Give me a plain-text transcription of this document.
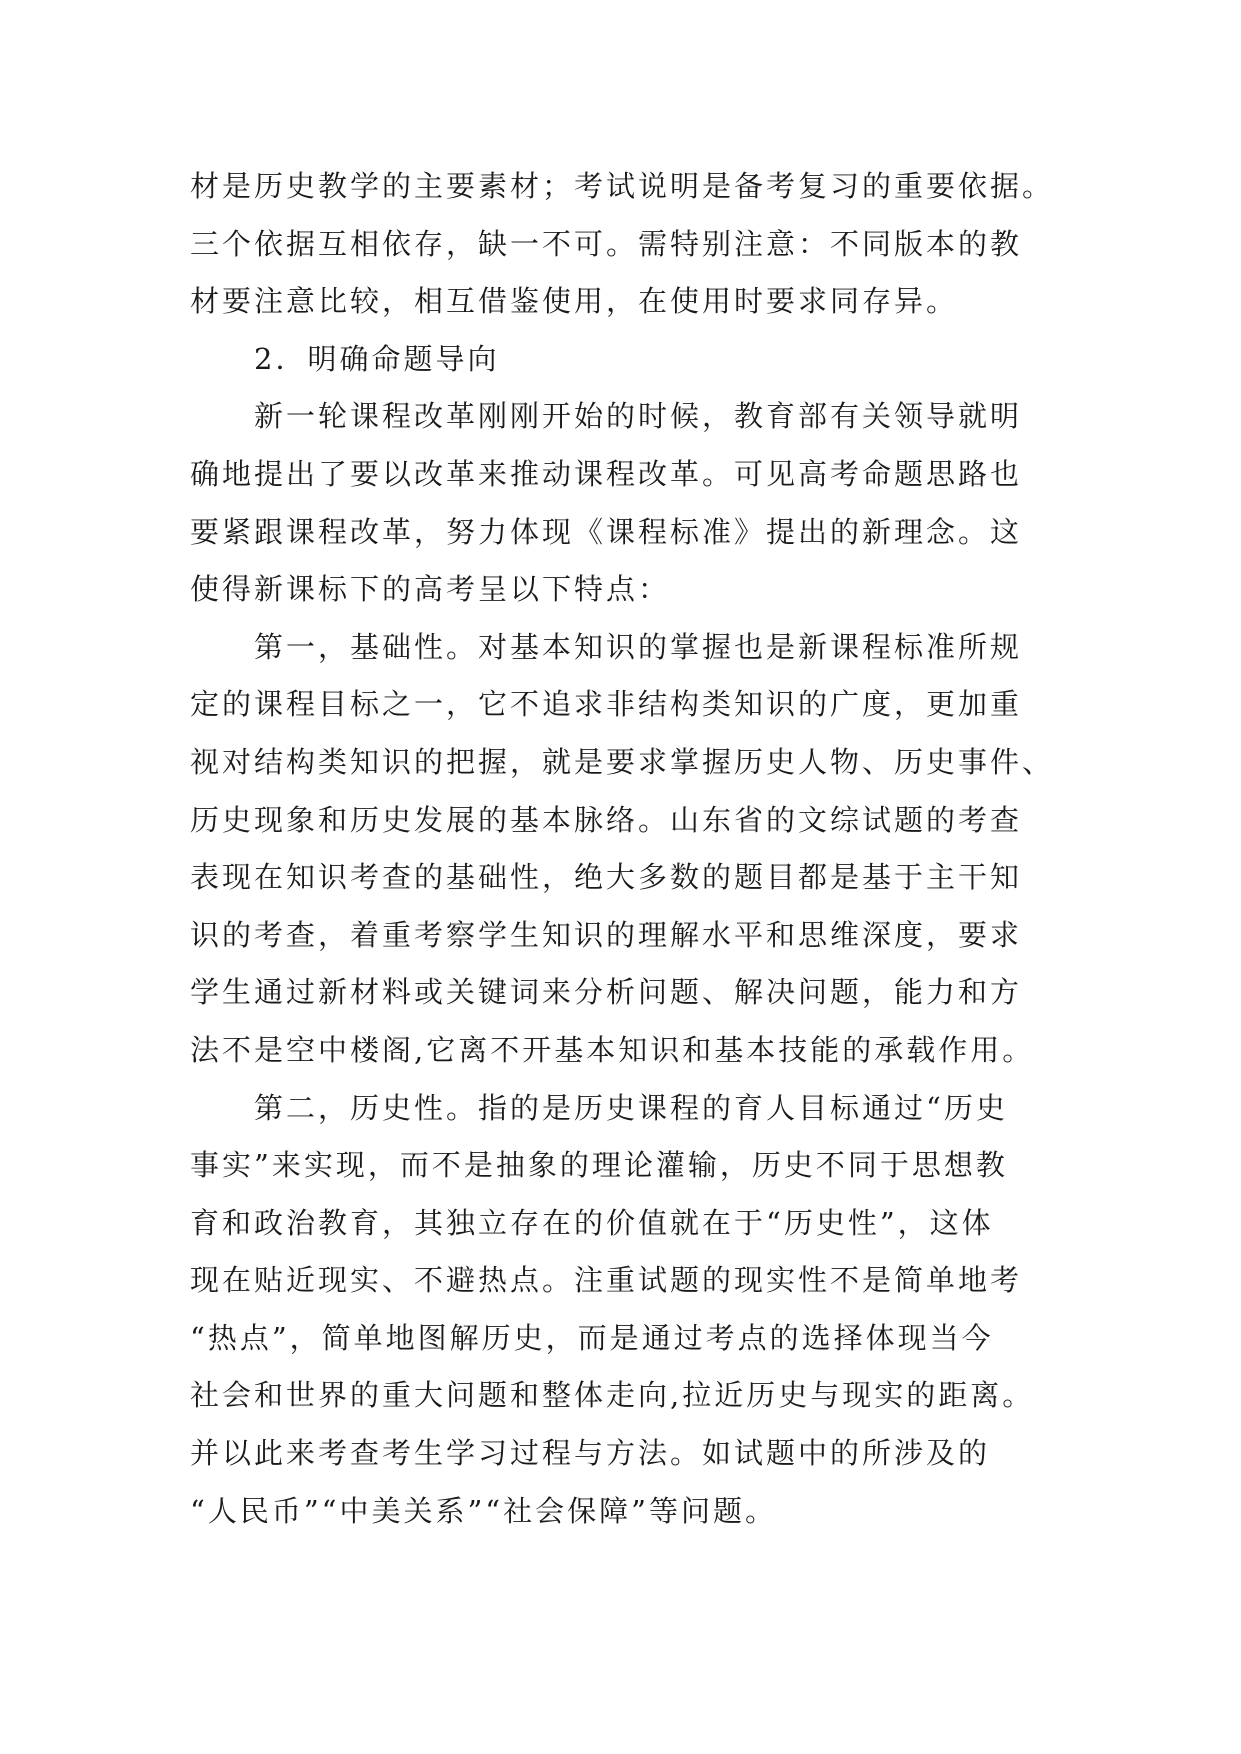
材是历史教学的主要素材；考试说明是备考复习的重要依据。
三个依据互相依存，缺一不可。需特别注意：不同版本的教
材要注意比较，相互借鉴使用，在使用时要求同存异。
2．明确命题导向
新一轮课程改革刚刚开始的时候，教育部有关领导就明
确地提出了要以改革来推动课程改革。可见高考命题思路也
要紧跟课程改革，努力体现《课程标准》提出的新理念。这
使得新课标下的高考呈以下特点：
第一，基础性。对基本知识的掌握也是新课程标准所规
定的课程目标之一，它不追求非结构类知识的广度，更加重
视对结构类知识的把握，就是要求掌握历史人物、历史事件、
历史现象和历史发展的基本脉络。山东省的文综试题的考查
表现在知识考查的基础性，绝大多数的题目都是基于主干知
识的考查，着重考察学生知识的理解水平和思维深度，要求
学生通过新材料或关键词来分析问题、解决问题，能力和方
法不是空中楼阁,它离不开基本知识和基本技能的承载作用。
第二，历史性。指的是历史课程的育人目标通过“历史
事实”来实现，而不是抽象的理论灌输，历史不同于思想教
育和政治教育，其独立存在的价值就在于“历史性”，这体
现在贴近现实、不避热点。注重试题的现实性不是简单地考
“热点”，简单地图解历史，而是通过考点的选择体现当今
社会和世界的重大问题和整体走向,拉近历史与现实的距离。
并以此来考查考生学习过程与方法。如试题中的所涉及的
“人民币”“中美关系”“社会保障”等问题。
